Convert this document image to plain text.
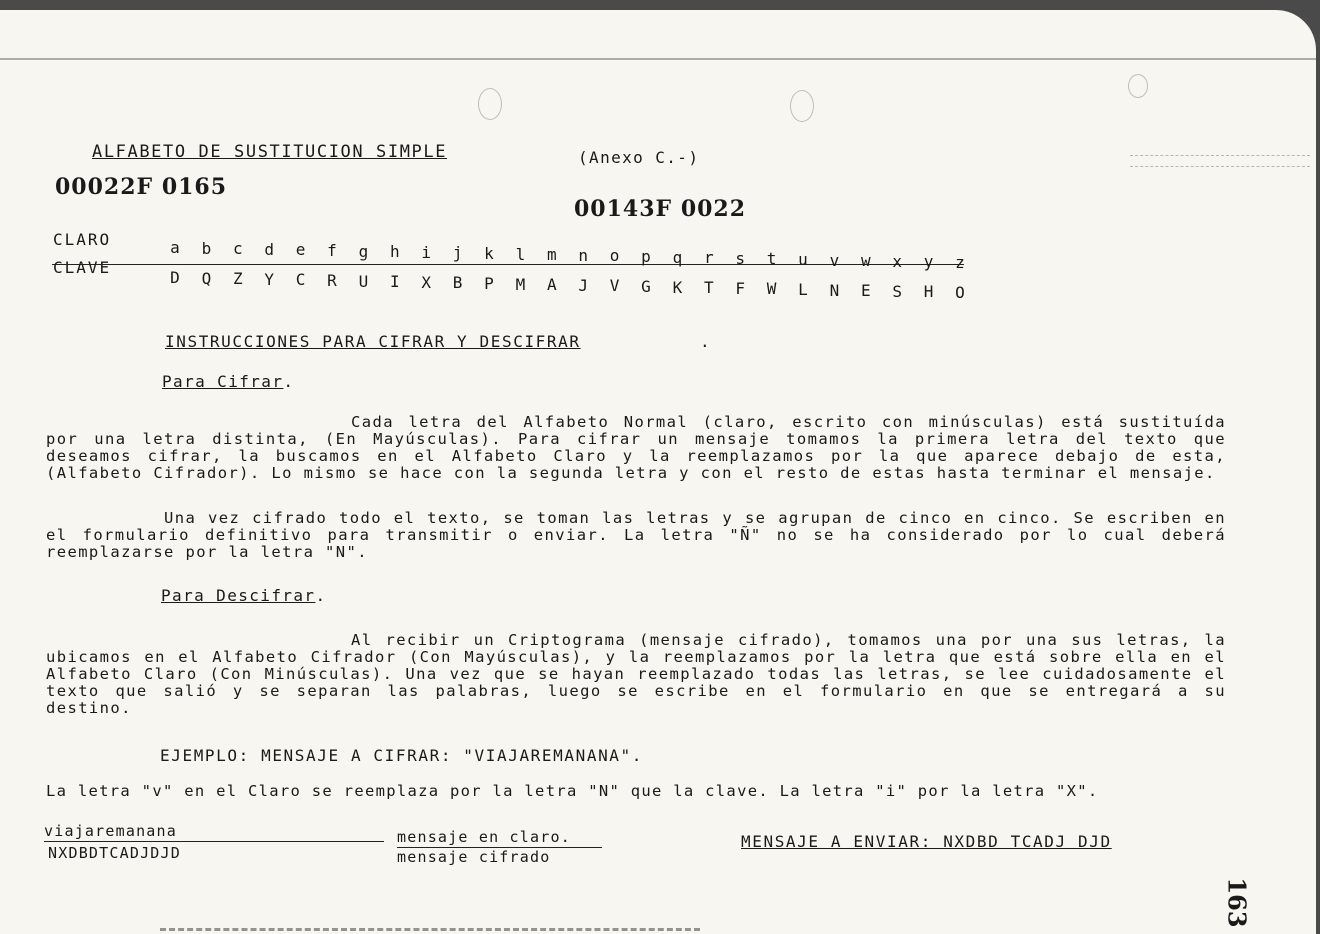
ALFABETO DE SUSTITUCION SIMPLE	(Anexo C.-)
00022F 0165
00143F 0022
CLARO
CLAVE
a	b	c	d	e	f	g	h	i	j	k	l	m	n	o	p	q	r	s	t	u	v	w	x	y	z
D	Q	Z	Y	C	R	U	I	X	B	P	M	A	J	V	G	K	T	F	W	L	N	E	S	H	O
INSTRUCCIONES PARA CIFRAR Y DESCIFRAR	.
Para Cifrar.
Cada letra del Alfabeto Normal (claro, escrito con minúsculas) está sustituída por una letra distinta, (En Mayúsculas). Para cifrar un mensaje tomamos la primera letra del texto que deseamos cifrar, la buscamos en el Alfabeto Claro y la reemplazamos por la que aparece debajo de esta,(Alfabeto Cifrador). Lo mismo se hace con la segunda letra y con el resto de estas hasta terminar el mensaje.
Una vez cifrado todo el texto, se toman las letras y se agrupan de cinco en cinco. Se escriben en el formulario definitivo para transmitir o enviar. La letra "Ñ" no se ha considerado por lo cual deberá reemplazarse por la letra "N".
Para Descifrar.
Al recibir un Criptograma (mensaje cifrado), tomamos una por una sus letras, la ubicamos en el Alfabeto Cifrador (Con Mayúsculas), y la reemplazamos por la letra que está sobre ella en el Alfabeto Claro (Con Minúsculas). Una vez que se hayan reemplazado todas las letras, se lee cuidadosamente el texto que salió y se separan las palabras, luego se escribe en el formulario en que se entregará a su destino.
EJEMPLO: MENSAJE A CIFRAR: "VIAJAREMANANA".
La letra "v" en el Claro se reemplaza por la letra "N" que la clave. La letra "i" por la letra "X".
viajaremanana
NXDBDTCADJDJD
mensaje en claro.
mensaje cifrado
MENSAJE A ENVIAR: NXDBD TCADJ DJD
163
